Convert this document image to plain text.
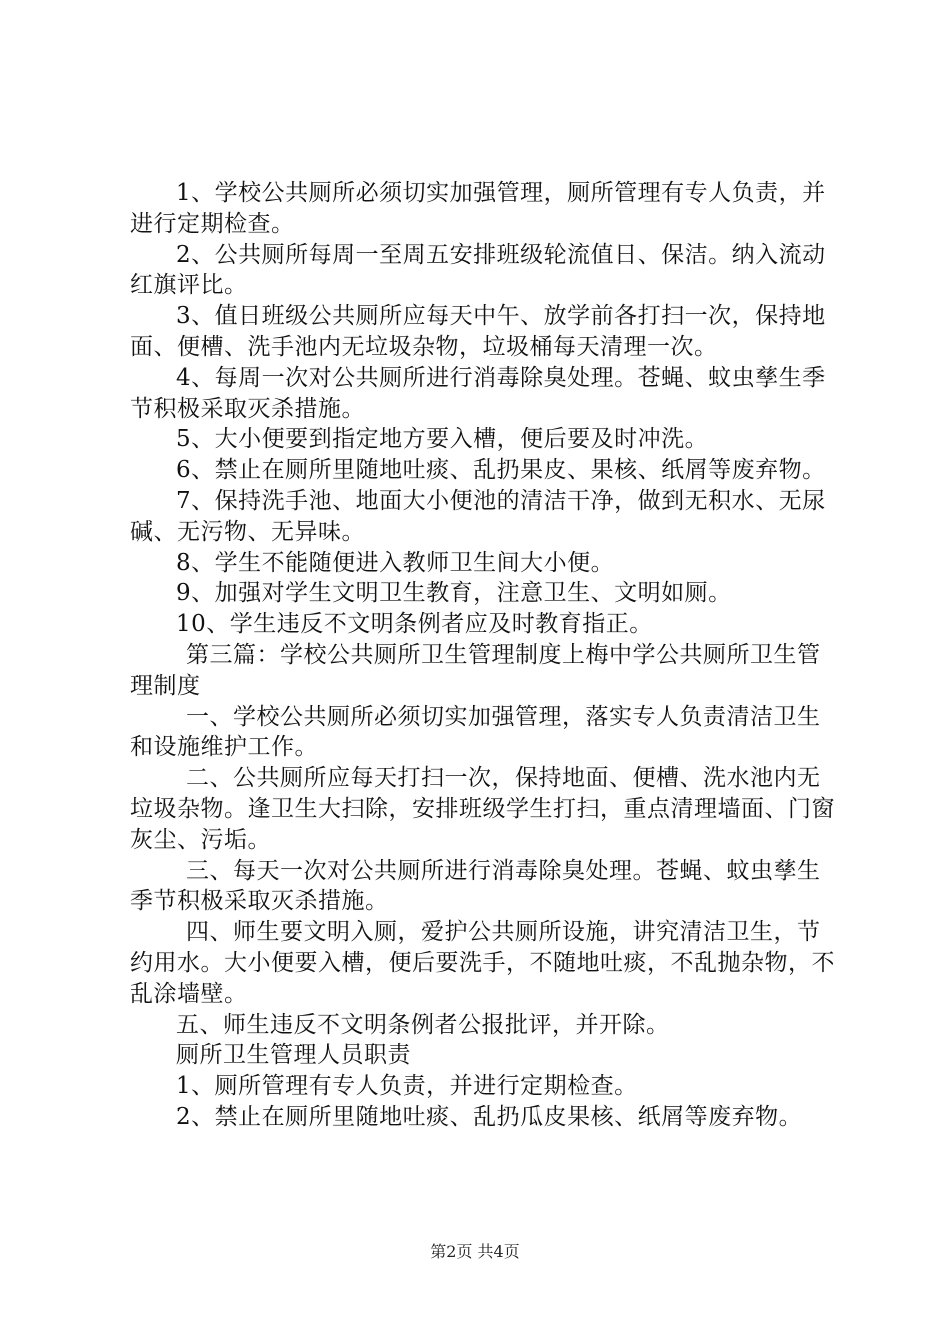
1、学校公共厕所必须切实加强管理，厕所管理有专人负责，并进行定期检查。

2、公共厕所每周一至周五安排班级轮流值日、保洁。纳入流动红旗评比。

3、值日班级公共厕所应每天中午、放学前各打扫一次，保持地面、便槽、洗手池内无垃圾杂物，垃圾桶每天清理一次。

4、每周一次对公共厕所进行消毒除臭处理。苍蝇、蚊虫孳生季节积极采取灭杀措施。

5、大小便要到指定地方要入槽，便后要及时冲洗。

6、禁止在厕所里随地吐痰、乱扔果皮、果核、纸屑等废弃物。

7、保持洗手池、地面大小便池的清洁干净，做到无积水、无尿碱、无污物、无异味。

8、学生不能随便进入教师卫生间大小便。

9、加强对学生文明卫生教育，注意卫生、文明如厕。

10、学生违反不文明条例者应及时教育指正。

第三篇：学校公共厕所卫生管理制度上梅中学公共厕所卫生管理制度

一、学校公共厕所必须切实加强管理，落实专人负责清洁卫生和设施维护工作。

二、公共厕所应每天打扫一次，保持地面、便槽、洗水池内无垃圾杂物。逢卫生大扫除，安排班级学生打扫，重点清理墙面、门窗灰尘、污垢。

三、每天一次对公共厕所进行消毒除臭处理。苍蝇、蚊虫孳生季节积极采取灭杀措施。

四、师生要文明入厕，爱护公共厕所设施，讲究清洁卫生，节约用水。大小便要入槽，便后要洗手，不随地吐痰，不乱抛杂物，不乱涂墙壁。

五、师生违反不文明条例者公报批评，并开除。

厕所卫生管理人员职责

1、厕所管理有专人负责，并进行定期检查。

2、禁止在厕所里随地吐痰、乱扔瓜皮果核、纸屑等废弃物。

第2页 共4页
